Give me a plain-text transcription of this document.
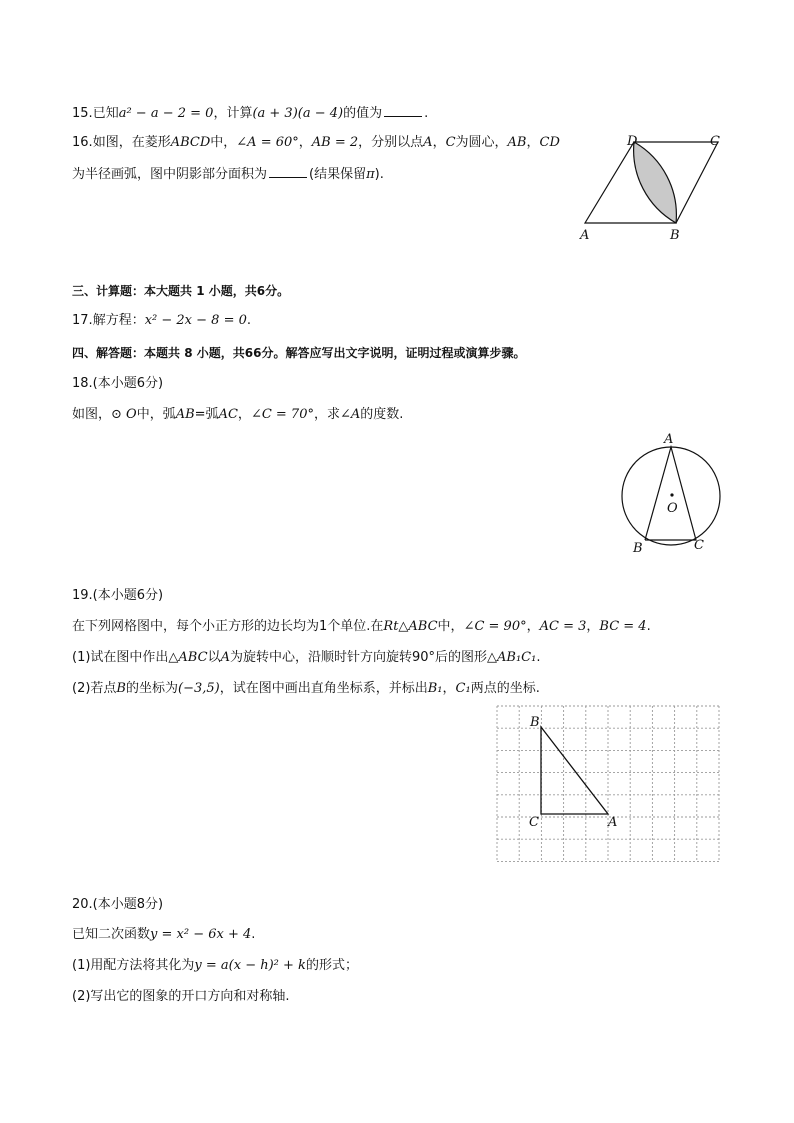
15.已知a² − a − 2 = 0，计算(a + 3)(a − 4)的值为	.
16.如图，在菱形ABCD中，∠A = 60°，AB = 2，分别以点A，C为圆心，AB，CD
为半径画弧，图中阴影部分面积为	(结果保留π).
D	C
A	B
三、计算题：本大题共 1 小题，共6分。
17.解方程：x² − 2x − 8 = 0.
四、解答题：本题共 8 小题，共66分。解答应写出文字说明，证明过程或演算步骤。
18.(本小题6分)
如图，⊙ O中，弧AB=弧AC，∠C = 70°，求∠A的度数.
A
O
B	C
19.(本小题6分)
在下列网格图中，每个小正方形的边长均为1个单位.在Rt△ABC中，∠C = 90°，AC = 3，BC = 4.
(1)试在图中作出△ABC以A为旋转中心，沿顺时针方向旋转90°后的图形△AB₁C₁.
(2)若点B的坐标为(−3,5)，试在图中画出直角坐标系，并标出B₁，C₁两点的坐标.
B
C	A
20.(本小题8分)
已知二次函数y = x² − 6x + 4.
(1)用配方法将其化为y = a(x − h)² + k的形式；
(2)写出它的图象的开口方向和对称轴.
